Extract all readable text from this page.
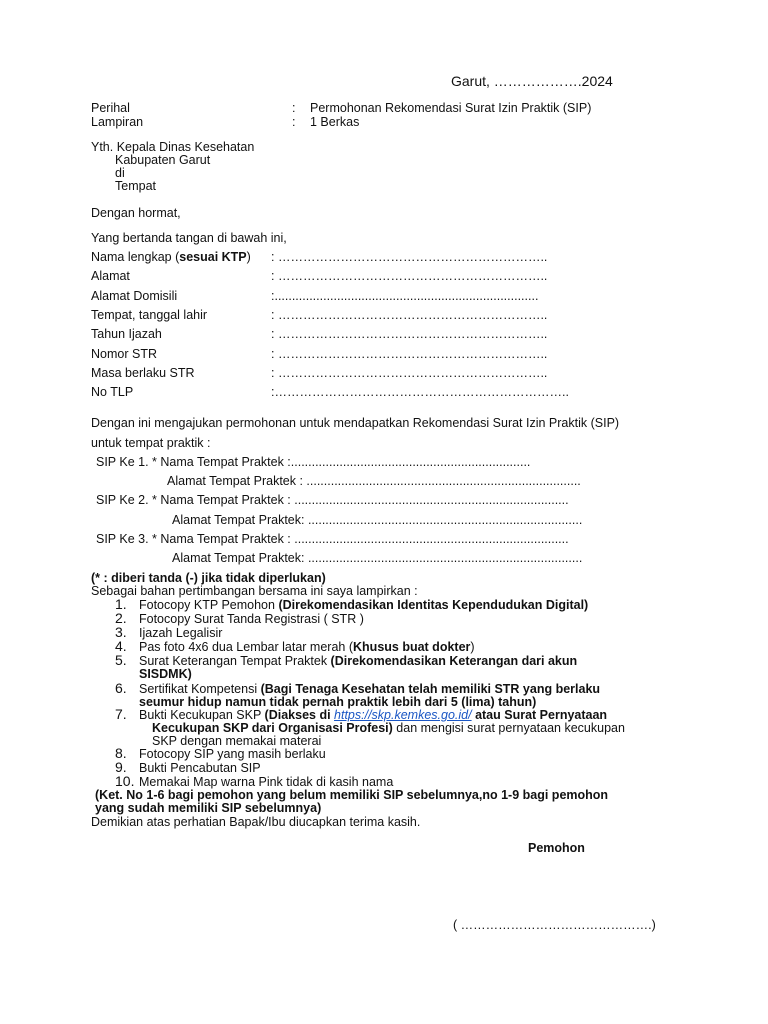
Garut, ……………….2024
Perihal	: Permohonan Rekomendasi Surat Izin Praktik (SIP)
Lampiran	: 1 Berkas
Yth. Kepala Dinas Kesehatan
Kabupaten Garut
di
Tempat
Dengan hormat,
Yang bertanda tangan di bawah ini,
Nama lengkap (sesuai KTP) : ………………………………………………………..
Alamat	: ………………………………………………………..
Alamat Domisili	:............................................................................
Tempat, tanggal lahir	: ………………………………………………………..
Tahun Ijazah	: ………………………………………………………..
Nomor STR	: ………………………………………………………..
Masa berlaku STR	: ………………………………………………………..
No TLP	:……………………………………………………………..
Dengan ini mengajukan permohonan untuk mendapatkan Rekomendasi Surat Izin Praktik (SIP)
untuk tempat praktik :
SIP Ke 1. * Nama Tempat Praktek :.....................................................................
Alamat Tempat Praktek : ...............................................................................
SIP Ke 2. * Nama Tempat Praktek : ...............................................................................
Alamat Tempat Praktek: ...............................................................................
SIP Ke 3. * Nama Tempat Praktek : ...............................................................................
Alamat Tempat Praktek: ...............................................................................
(* : diberi tanda (-) jika tidak diperlukan)
Sebagai bahan pertimbangan bersama ini saya lampirkan :
1. Fotocopy KTP Pemohon (Direkomendasikan Identitas Kependudukan Digital)
2. Fotocopy Surat Tanda Registrasi ( STR )
3. Ijazah Legalisir
4. Pas foto 4x6 dua Lembar latar merah (Khusus buat dokter)
5. Surat Keterangan Tempat Praktek (Direkomendasikan Keterangan dari akun
SISDMK)
6. Sertifikat Kompetensi (Bagi Tenaga Kesehatan telah memiliki STR yang berlaku
seumur hidup namun tidak pernah praktik lebih dari 5 (lima) tahun)
7. Bukti Kecukupan SKP (Diakses di https://skp.kemkes.go.id/ atau Surat Pernyataan
Kecukupan SKP dari Organisasi Profesi) dan mengisi surat pernyataan kecukupan
SKP dengan memakai materai
8. Fotocopy SIP yang masih berlaku
9. Bukti Pencabutan SIP
10. Memakai Map warna Pink tidak di kasih nama
(Ket. No 1-6 bagi pemohon yang belum memiliki SIP sebelumnya,no 1-9 bagi pemohon
yang sudah memiliki SIP sebelumnya)
Demikian atas perhatian Bapak/Ibu diucapkan terima kasih.
Pemohon
( ……………………………………….)
